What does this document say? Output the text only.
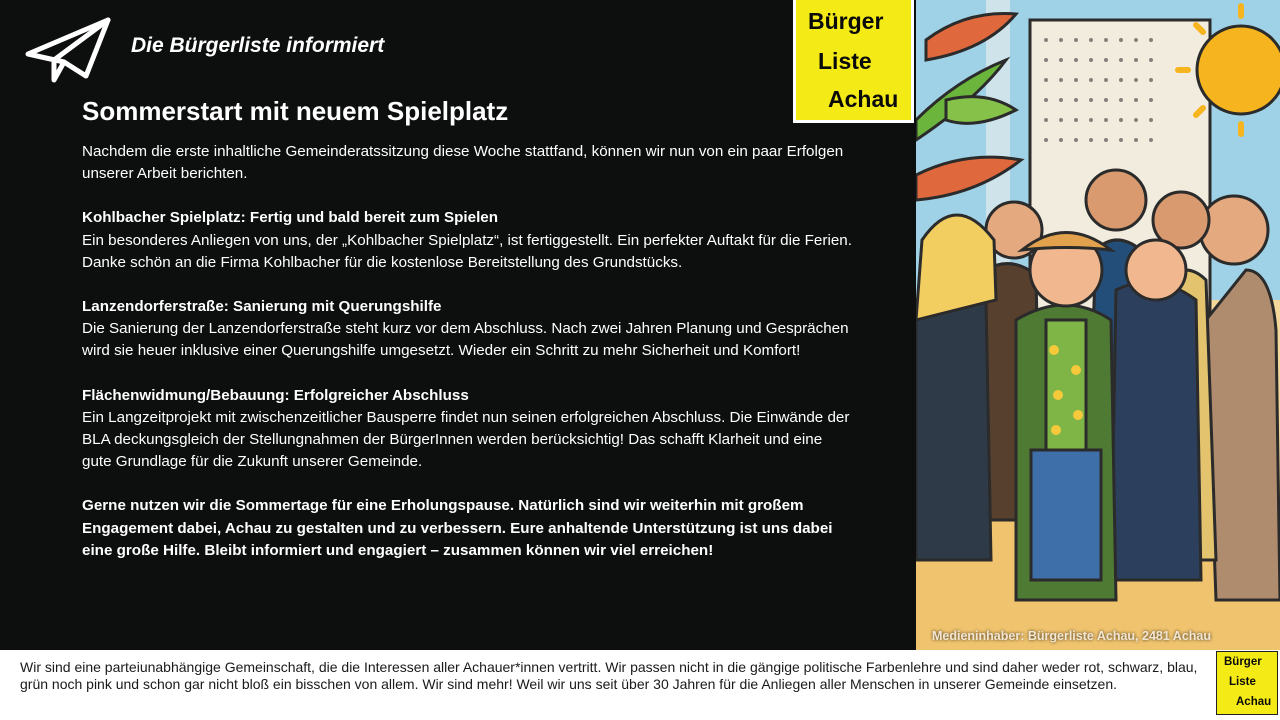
Die Bürgerliste informiert
Sommerstart mit neuem Spielplatz

Nachdem die erste inhaltliche Gemeinderatssitzung diese Woche stattfand, können wir nun von ein paar Erfolgen unserer Arbeit berichten.

Kohlbacher Spielplatz: Fertig und bald bereit zum Spielen
Ein besonderes Anliegen von uns, der „Kohlbacher Spielplatz“, ist fertiggestellt. Ein perfekter Auftakt für die Ferien. Danke schön an die Firma Kohlbacher für die kostenlose Bereitstellung des Grundstücks.
Lanzendorferstraße: Sanierung mit Querungshilfe
Die Sanierung der Lanzendorferstraße steht kurz vor dem Abschluss. Nach zwei Jahren Planung und Gesprächen wird sie heuer inklusive einer Querungshilfe umgesetzt. Wieder ein Schritt zu mehr Sicherheit und Komfort!
Flächenwidmung/Bebauung: Erfolgreicher Abschluss
Ein Langzeitprojekt mit zwischenzeitlicher Bausperre findet nun seinen erfolgreichen Abschluss. Die Einwände der BLA deckungsgleich der Stellungnahmen der BürgerInnen werden berücksichtig! Das schafft Klarheit und eine gute Grundlage für die Zukunft unserer Gemeinde.

Gerne nutzen wir die Sommertage für eine Erholungspause. Natürlich sind wir weiterhin mit großem Engagement dabei, Achau zu gestalten und zu verbessern. Eure anhaltende Unterstützung ist uns dabei eine große Hilfe. Bleibt informiert und engagiert – zusammen können wir viel erreichen!

Bürger
Liste
Achau
Medieninhaber: Bürgerliste Achau, 2481 Achau

Wir sind eine parteiunabhängige Gemeinschaft, die die Interessen aller Achauer*innen vertritt. Wir passen nicht in die gängige politische Farbenlehre und sind daher weder rot, schwarz, blau, grün noch pink und schon gar nicht bloß ein bisschen von allem. Wir sind mehr! Weil wir uns seit über 30 Jahren für die Anliegen aller Menschen in unserer Gemeinde einsetzen.

Bürger
Liste
Achau
